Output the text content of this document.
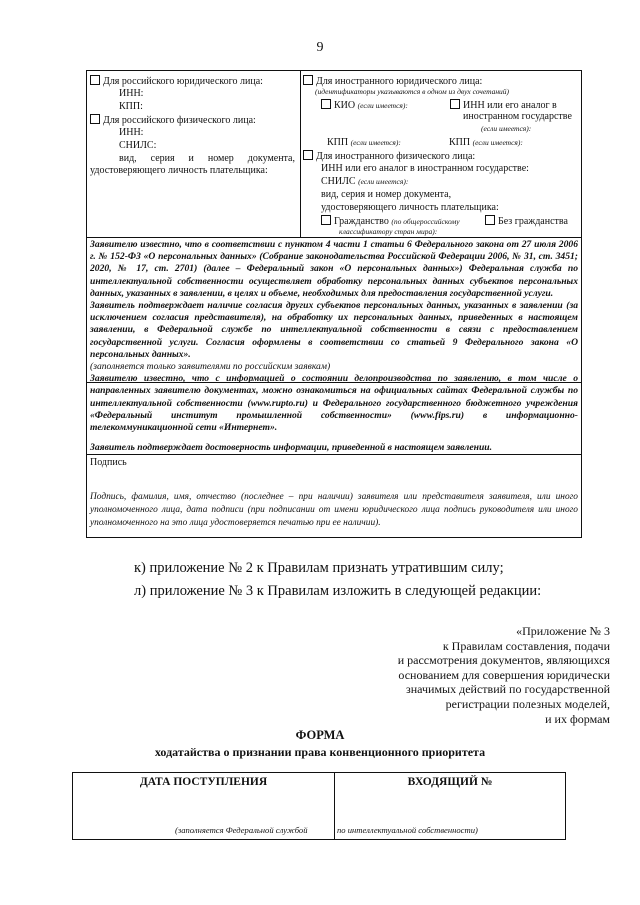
9
Для российского юридического лица:
ИНН:
КПП:
Для российского физического лица:
ИНН:
СНИЛС:
вид, серия и номер документа,
удостоверяющего личность плательщика:
Для иностранного юридического лица:
(идентификаторы указываются в одном из двух сочетаний)
КИО (если имеется):	ИНН или его аналог в
иностранном государстве
(если имеется):
КПП (если имеется):	КПП (если имеется):
Для иностранного физического лица:
ИНН или его аналог в иностранном государстве:
СНИЛС (если имеется):
вид, серия и номер документа,
удостоверяющего личность плательщика:
Гражданство (по общероссийскому
классификатору стран мира):
Без гражданства
Заявителю известно, что в соответствии с пунктом 4 части 1 статьи 6 Федерального закона от 27 июля 2006 г. № 152-ФЗ «О персональных данных» (Собрание законодательства Российской Федерации 2006, № 31, ст. 3451; 2020, № 17, ст. 2701) (далее – Федеральный закон «О персональных данных») Федеральная служба по интеллектуальной собственности осуществляет обработку персональных данных субъектов персональных данных, указанных в заявлении, в целях и объеме, необходимых для предоставления государственной услуги.
Заявитель подтверждает наличие согласия других субъектов персональных данных, указанных в заявлении (за исключением согласия представителя), на обработку их персональных данных, приведенных в настоящем заявлении, в Федеральной службе по интеллектуальной собственности в связи с предоставлением государственной услуги. Согласия оформлены в соответствии со статьей 9 Федерального закона «О персональных данных».
(заполняется только заявителями по российским заявкам)
Заявителю известно, что с информацией о состоянии делопроизводства по заявлению, в том числе о направленных заявителю документах, можно ознакомиться на официальных сайтах Федеральной службы по интеллектуальной собственности (www.rupto.ru) и Федерального государственного бюджетного учреждения «Федеральный институт промышленной собственности» (www.fips.ru) в информационно-телекоммуникационной сети «Интернет».
Заявитель подтверждает достоверность информации, приведенной в настоящем заявлении.
Подпись
Подпись, фамилия, имя, отчество (последнее – при наличии) заявителя или представителя заявителя, или иного уполномоченного лица, дата подписи (при подписании от имени юридического лица подпись руководителя или иного уполномоченного на это лица удостоверяется печатью при ее наличии).
к) приложение № 2 к Правилам признать утратившим силу;
л) приложение № 3 к Правилам изложить в следующей редакции:
«Приложение № 3
к Правилам составления, подачи
и рассмотрения документов, являющихся
основанием для совершения юридически
значимых действий по государственной
регистрации полезных моделей,
и их формам
ФОРМА
ходатайства о признании права конвенционного приоритета
ДАТА ПОСТУПЛЕНИЯ	ВХОДЯЩИЙ №
(заполняется Федеральной службой	по интеллектуальной собственности)
